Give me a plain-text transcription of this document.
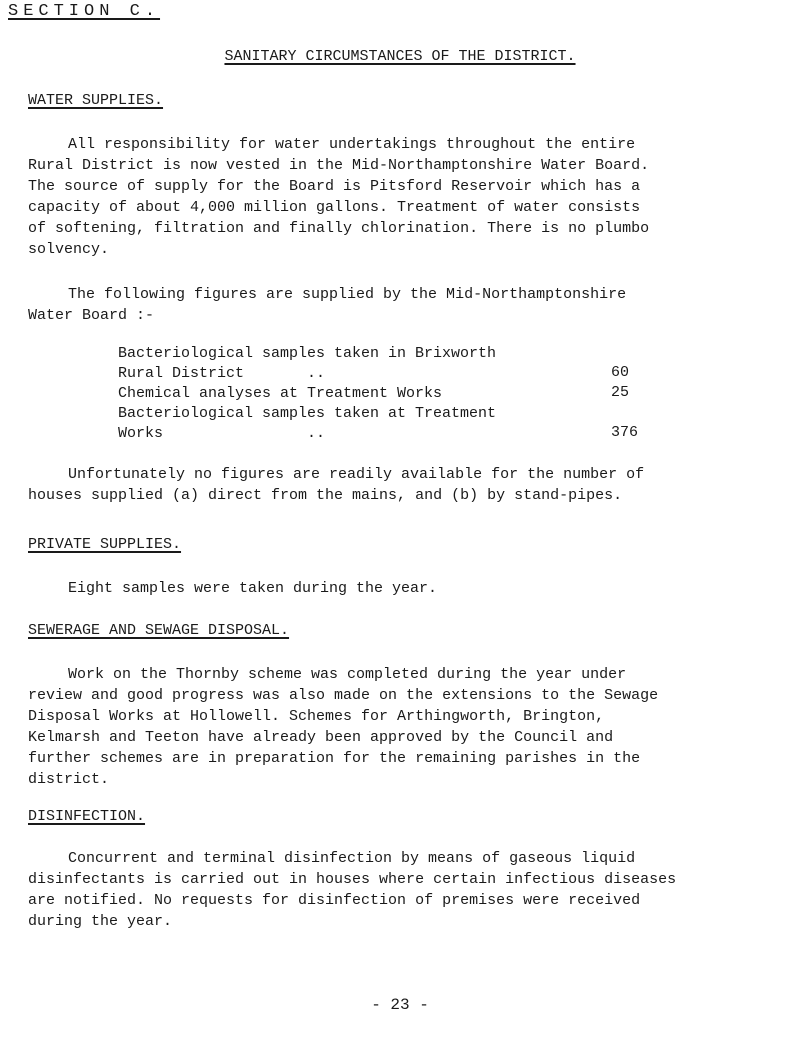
SECTION C.
SANITARY CIRCUMSTANCES OF THE DISTRICT.
WATER SUPPLIES.
All responsibility for water undertakings throughout the entire
Rural District is now vested in the Mid-Northamptonshire Water Board.
The source of supply for the Board is Pitsford Reservoir which has a
capacity of about 4,000 million gallons. Treatment of water consists
of softening, filtration and finally chlorination. There is no plumbo
solvency.
The following figures are supplied by the Mid-Northamptonshire
Water Board :-
Bacteriological samples taken in Brixworth
Rural District       ..	60
Chemical analyses at Treatment Works	25
Bacteriological samples taken at Treatment
Works                ..	376
Unfortunately no figures are readily available for the number of
houses supplied (a) direct from the mains, and (b) by stand-pipes.
PRIVATE SUPPLIES.
Eight samples were taken during the year.
SEWERAGE AND SEWAGE DISPOSAL.
Work on the Thornby scheme was completed during the year under
review and good progress was also made on the extensions to the Sewage
Disposal Works at Hollowell. Schemes for Arthingworth, Brington,
Kelmarsh and Teeton have already been approved by the Council and
further schemes are in preparation for the remaining parishes in the
district.
DISINFECTION.
Concurrent and terminal disinfection by means of gaseous liquid
disinfectants is carried out in houses where certain infectious diseases
are notified. No requests for disinfection of premises were received
during the year.
- 23 -
